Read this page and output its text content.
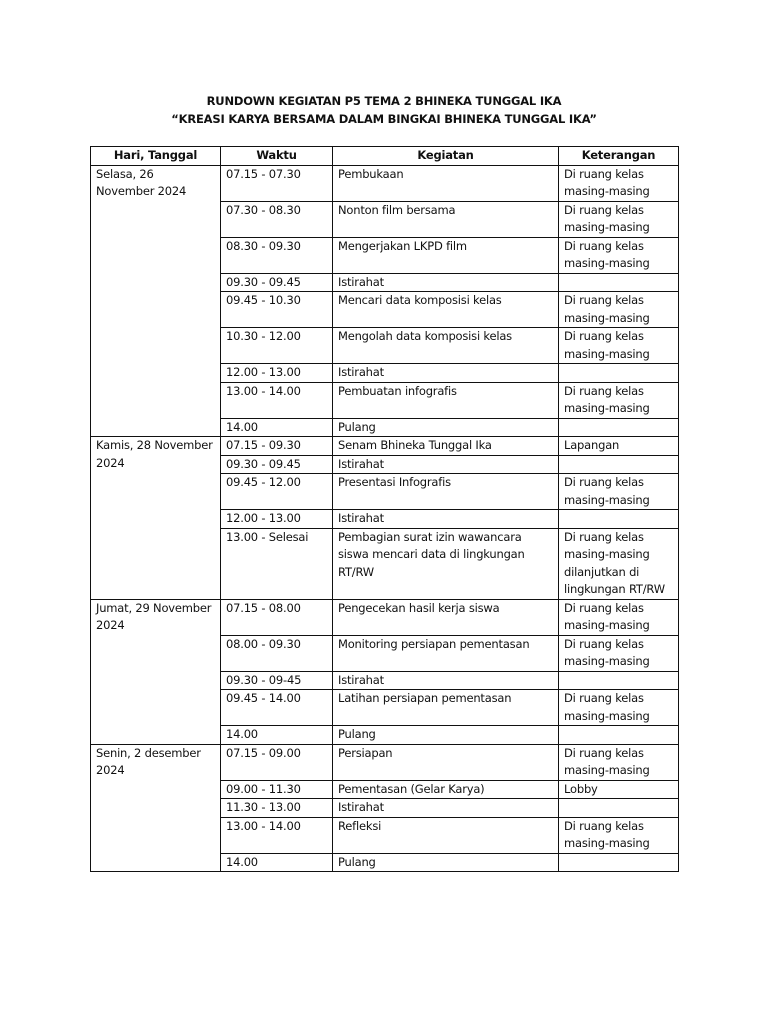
RUNDOWN KEGIATAN P5 TEMA 2 BHINEKA TUNGGAL IKA
“KREASI KARYA BERSAMA DALAM BINGKAI BHINEKA TUNGGAL IKA”
Hari, Tanggal	Waktu	Kegiatan	Keterangan
Selasa, 26 November 2024	07.15 - 07.30	Pembukaan	Di ruang kelas masing-masing
	07.30 - 08.30	Nonton film bersama	Di ruang kelas masing-masing
	08.30 - 09.30	Mengerjakan LKPD film	Di ruang kelas masing-masing
	09.30 - 09.45	Istirahat	
	09.45 - 10.30	Mencari data komposisi kelas	Di ruang kelas masing-masing
	10.30 - 12.00	Mengolah data komposisi kelas	Di ruang kelas masing-masing
	12.00 - 13.00	Istirahat	
	13.00 - 14.00	Pembuatan infografis	Di ruang kelas masing-masing
	14.00	Pulang	
Kamis, 28 November 2024	07.15 - 09.30	Senam Bhineka Tunggal Ika	Lapangan
	09.30 - 09.45	Istirahat	
	09.45 - 12.00	Presentasi Infografis	Di ruang kelas masing-masing
	12.00 - 13.00	Istirahat	
	13.00 - Selesai	Pembagian surat izin wawancara siswa mencari data di lingkungan RT/RW	Di ruang kelas masing-masing dilanjutkan di lingkungan RT/RW
Jumat, 29 November 2024	07.15 - 08.00	Pengecekan hasil kerja siswa	Di ruang kelas masing-masing
	08.00 - 09.30	Monitoring persiapan pementasan	Di ruang kelas masing-masing
	09.30 - 09-45	Istirahat	
	09.45 - 14.00	Latihan persiapan pementasan	Di ruang kelas masing-masing
	14.00	Pulang	
Senin, 2 desember 2024	07.15 - 09.00	Persiapan	Di ruang kelas masing-masing
	09.00 - 11.30	Pementasan (Gelar Karya)	Lobby
	11.30 - 13.00	Istirahat	
	13.00 - 14.00	Refleksi	Di ruang kelas masing-masing
	14.00	Pulang	
